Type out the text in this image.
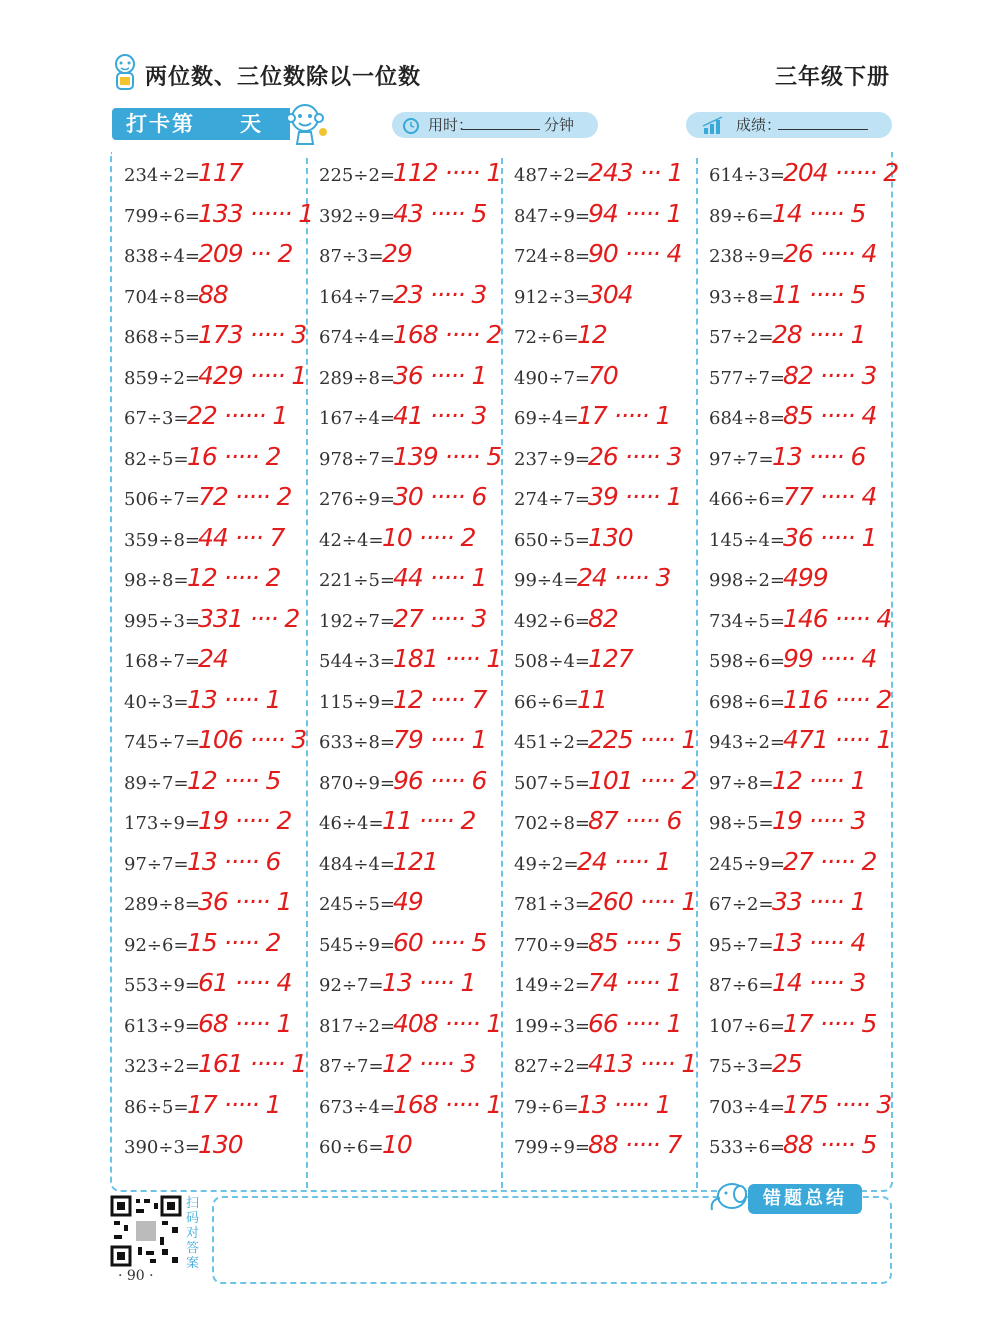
两位数、三位数除以一位数	三年级下册
打卡第 天	用时：	分钟	成绩：
234÷2=
117
799÷6=
133 ······ 1
838÷4=
209 ··· 2
704÷8=
88
868÷5=
173 ····· 3
859÷2=
429 ····· 1
67÷3=
22 ······ 1
82÷5=
16 ····· 2
506÷7=
72 ····· 2
359÷8=
44 ···· 7
98÷8=
12 ····· 2
995÷3=
331 ···· 2
168÷7=
24
40÷3=
13 ····· 1
745÷7=
106 ····· 3
89÷7=
12 ····· 5
173÷9=
19 ····· 2
97÷7=
13 ····· 6
289÷8=
36 ····· 1
92÷6=
15 ····· 2
553÷9=
61 ····· 4
613÷9=
68 ····· 1
323÷2=
161 ····· 1
86÷5=
17 ····· 1
390÷3=
130
225÷2=
112 ····· 1
392÷9=
43 ····· 5
87÷3=
29
164÷7=
23 ····· 3
674÷4=
168 ····· 2
289÷8=
36 ····· 1
167÷4=
41 ····· 3
978÷7=
139 ····· 5
276÷9=
30 ····· 6
42÷4=
10 ····· 2
221÷5=
44 ····· 1
192÷7=
27 ····· 3
544÷3=
181 ····· 1
115÷9=
12 ····· 7
633÷8=
79 ····· 1
870÷9=
96 ····· 6
46÷4=
11 ····· 2
484÷4=
121
245÷5=
49
545÷9=
60 ····· 5
92÷7=
13 ····· 1
817÷2=
408 ····· 1
87÷7=
12 ····· 3
673÷4=
168 ····· 1
60÷6=
10
487÷2=
243 ··· 1
847÷9=
94 ····· 1
724÷8=
90 ····· 4
912÷3=
304
72÷6=
12
490÷7=
70
69÷4=
17 ····· 1
237÷9=
26 ····· 3
274÷7=
39 ····· 1
650÷5=
130
99÷4=
24 ····· 3
492÷6=
82
508÷4=
127
66÷6=
11
451÷2=
225 ····· 1
507÷5=
101 ····· 2
702÷8=
87 ····· 6
49÷2=
24 ····· 1
781÷3=
260 ····· 1
770÷9=
85 ····· 5
149÷2=
74 ····· 1
199÷3=
66 ····· 1
827÷2=
413 ····· 1
79÷6=
13 ····· 1
799÷9=
88 ····· 7
614÷3=
204 ······ 2
89÷6=
14 ····· 5
238÷9=
26 ····· 4
93÷8=
11 ····· 5
57÷2=
28 ····· 1
577÷7=
82 ····· 3
684÷8=
85 ····· 4
97÷7=
13 ····· 6
466÷6=
77 ····· 4
145÷4=
36 ····· 1
998÷2=
499
734÷5=
146 ····· 4
598÷6=
99 ····· 4
698÷6=
116 ····· 2
943÷2=
471 ····· 1
97÷8=
12 ····· 1
98÷5=
19 ····· 3
245÷9=
27 ····· 2
67÷2=
33 ····· 1
95÷7=
13 ····· 4
87÷6=
14 ····· 3
107÷6=
17 ····· 5
75÷3=
25
703÷4=
175 ····· 3
533÷6=
88 ····· 5
错题总结
扫码对答案
· 90 ·
